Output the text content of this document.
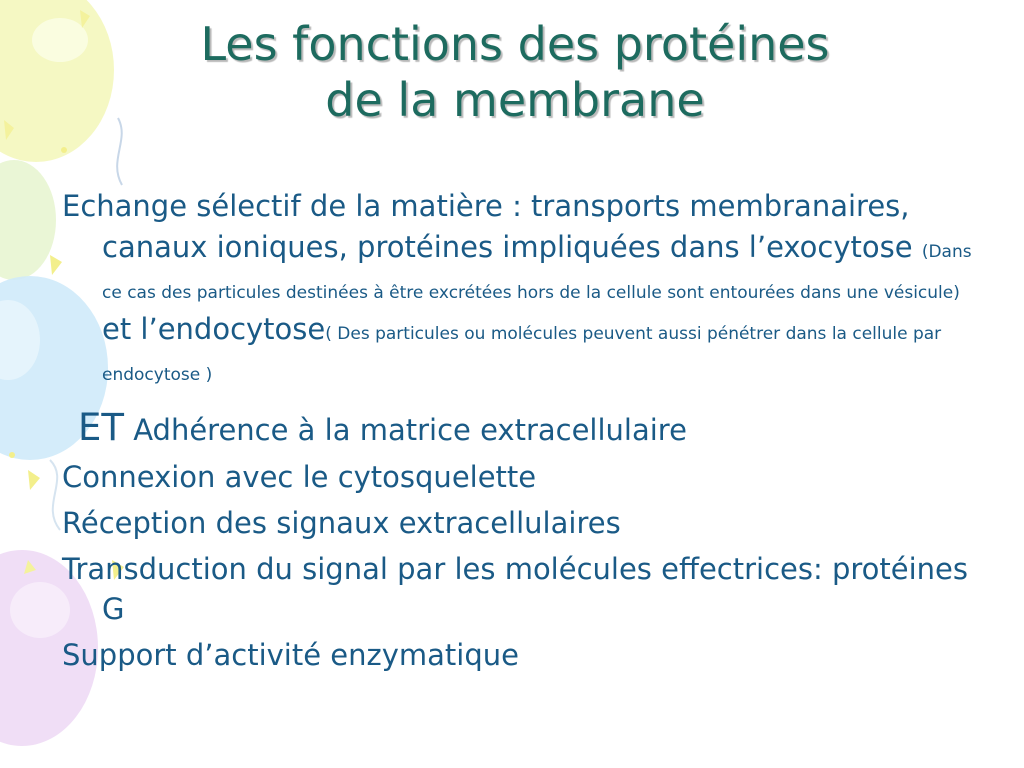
Les fonctions des protéines
de la membrane

Echange sélectif de la matière : transports membranaires, canaux ioniques, protéines impliquées dans l’exocytose (Dans ce cas des particules destinées à être excrétées hors de la cellule sont entourées dans une vésicule) et l’endocytose( Des particules ou molécules peuvent aussi pénétrer dans la cellule par endocytose )

ET Adhérence à la matrice extracellulaire

Connexion avec le cytosquelette

Réception des signaux extracellulaires

Transduction du signal par les molécules effectrices: protéines G

Support d’activité enzymatique
